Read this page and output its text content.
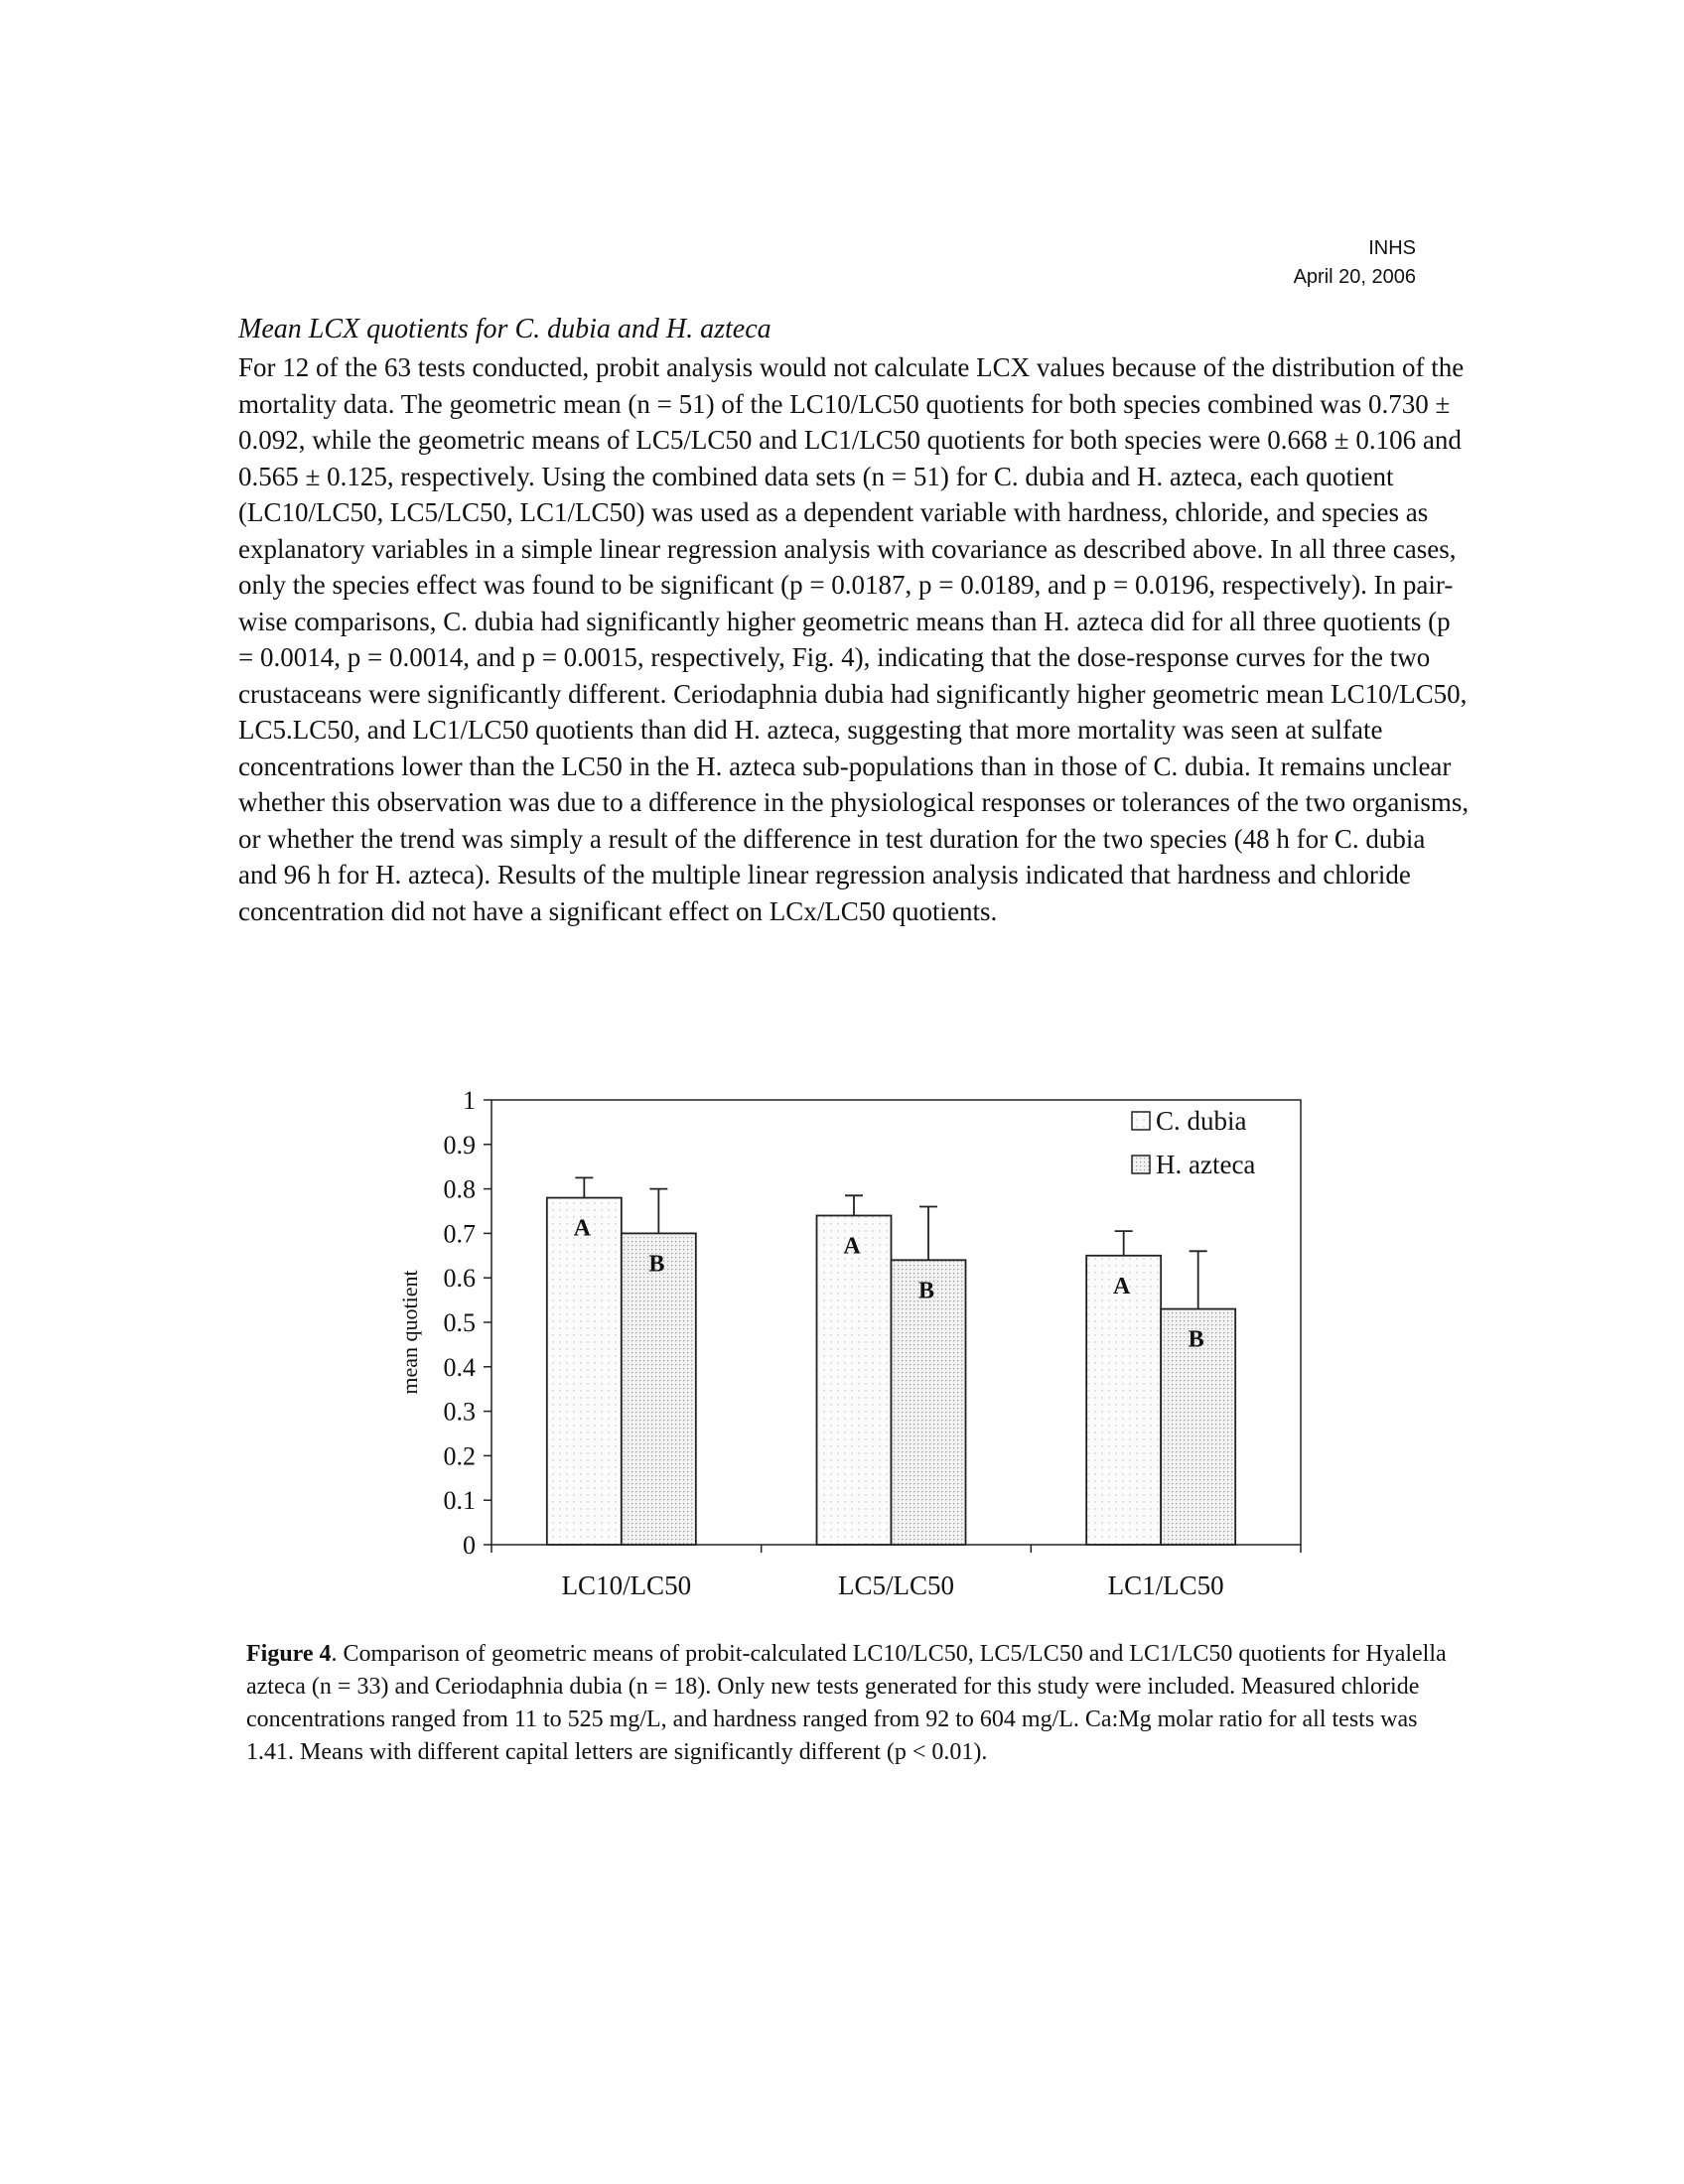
INHS
April 20, 2006
Mean LCX quotients for C. dubia and H. azteca

For 12 of the 63 tests conducted, probit analysis would not calculate LCX values because of the distribution of the mortality data. The geometric mean (n = 51) of the LC10/LC50 quotients for both species combined was 0.730 ± 0.092, while the geometric means of LC5/LC50 and LC1/LC50 quotients for both species were 0.668 ± 0.106 and 0.565 ± 0.125, respectively. Using the combined data sets (n = 51) for C. dubia and H. azteca, each quotient (LC10/LC50, LC5/LC50, LC1/LC50) was used as a dependent variable with hardness, chloride, and species as explanatory variables in a simple linear regression analysis with covariance as described above. In all three cases, only the species effect was found to be significant (p = 0.0187, p = 0.0189, and p = 0.0196, respectively). In pair-wise comparisons, C. dubia had significantly higher geometric means than H. azteca did for all three quotients (p = 0.0014, p = 0.0014, and p = 0.0015, respectively, Fig. 4), indicating that the dose-response curves for the two crustaceans were significantly different. Ceriodaphnia dubia had significantly higher geometric mean LC10/LC50, LC5.LC50, and LC1/LC50 quotients than did H. azteca, suggesting that more mortality was seen at sulfate concentrations lower than the LC50 in the H. azteca sub-populations than in those of C. dubia. It remains unclear whether this observation was due to a difference in the physiological responses or tolerances of the two organisms, or whether the trend was simply a result of the difference in test duration for the two species (48 h for C. dubia and 96 h for H. azteca). Results of the multiple linear regression analysis indicated that hardness and chloride concentration did not have a significant effect on LCx/LC50 quotients.

0
0.1
0.2
0.3
0.4
0.5
0.6
0.7
0.8
0.9
1
mean quotient
A
B
LC10/LC50
A
B
LC5/LC50
A
B
LC1/LC50
C. dubia
H. azteca
Figure 4. Comparison of geometric means of probit-calculated LC10/LC50, LC5/LC50 and LC1/LC50 quotients for Hyalella azteca (n = 33) and Ceriodaphnia dubia (n = 18). Only new tests generated for this study were included. Measured chloride concentrations ranged from 11 to 525 mg/L, and hardness ranged from 92 to 604 mg/L. Ca:Mg molar ratio for all tests was 1.41. Means with different capital letters are significantly different (p < 0.01).
